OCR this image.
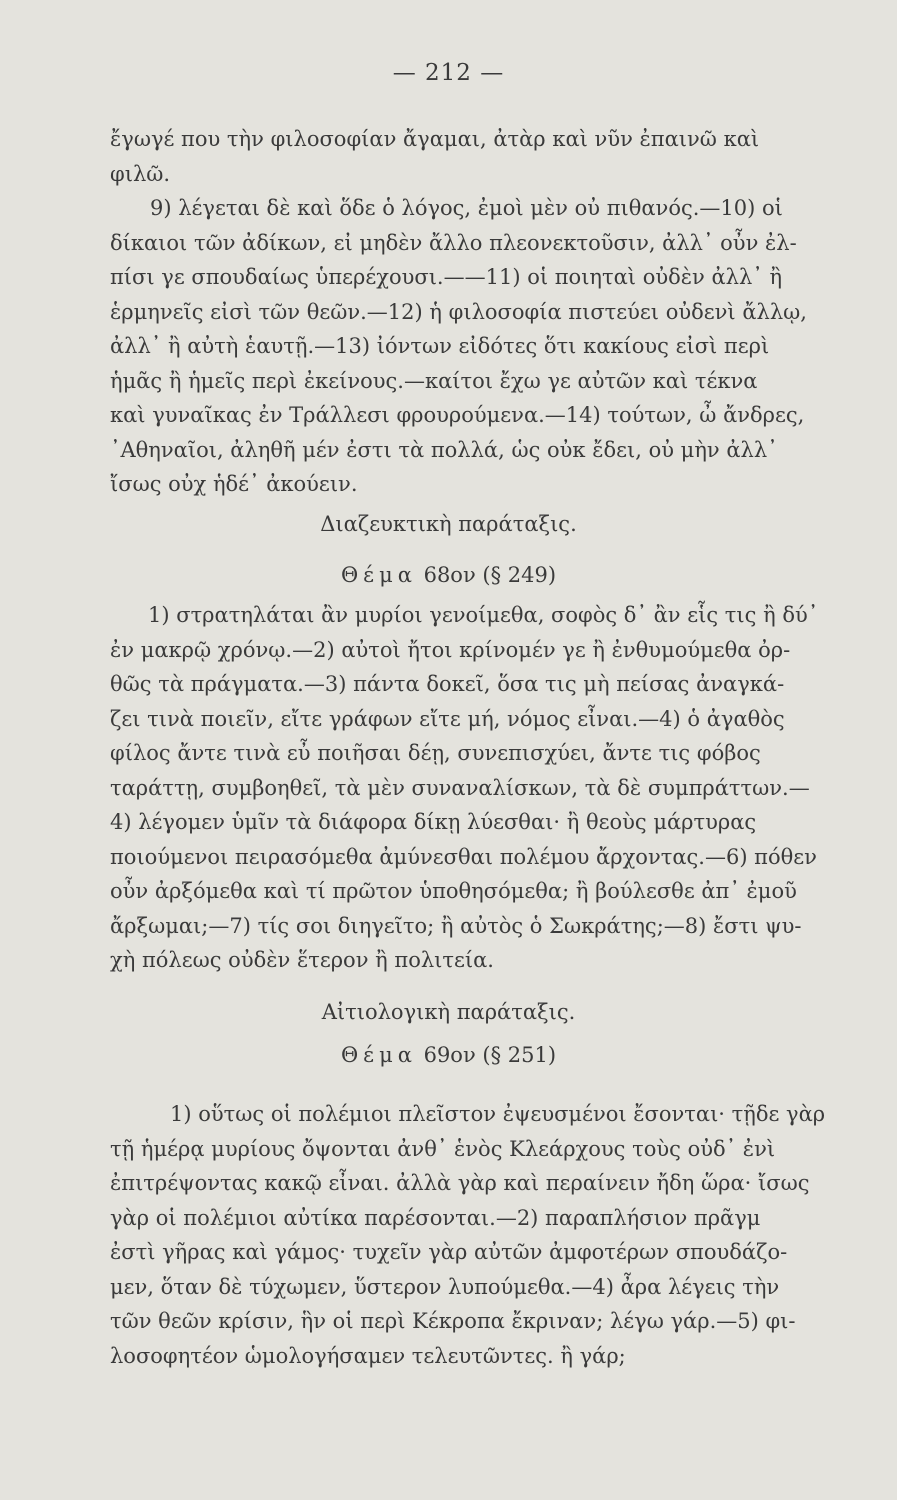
— 212 —
ἔγωγέ που τὴν φιλοσοφίαν ἄγαμαι, ἀτὰρ καὶ νῦν ἐπαινῶ καὶ
φιλῶ.
9) λέγεται δὲ καὶ ὅδε ὁ λόγος, ἐμοὶ μὲν οὐ πιθανός.—10) οἱ
δίκαιοι τῶν ἀδίκων, εἰ μηδὲν ἄλλο πλεονεκτοῦσιν, ἀλλ᾿ οὖν ἐλ-
πίσι γε σπουδαίως ὑπερέχουσι.——11) οἱ ποιηταὶ οὐδὲν ἀλλ᾿ ἢ
ἑρμηνεῖς εἰσὶ τῶν θεῶν.—12) ἡ φιλοσοφία πιστεύει οὐδενὶ ἄλλῳ,
ἀλλ᾿ ἢ αὐτὴ ἑαυτῇ.—13) ἰόντων εἰδότες ὅτι κακίους εἰσὶ περὶ
ἡμᾶς ἢ ἡμεῖς περὶ ἐκείνους.—καίτοι ἔχω γε αὐτῶν καὶ τέκνα
καὶ γυναῖκας ἐν Τράλλεσι φρουρούμενα.—14) τούτων, ὦ ἄνδρες,
᾿Αθηναῖοι, ἀληθῆ μέν ἐστι τὰ πολλά, ὡς οὐκ ἔδει, οὐ μὴν ἀλλ᾿
ἴσως οὐχ ἡδέ᾿ ἀκούειν.
Διαζευκτικὴ παράταξις.
Θέμα 68ον (§ 249)
1) στρατηλάται ἂν μυρίοι γενοίμεθα, σοφὸς δ᾿ ἂν εἷς τις ἢ δύ᾿
ἐν μακρῷ χρόνῳ.—2) αὐτοὶ ἤτοι κρίνομέν γε ἢ ἐνθυμούμεθα ὀρ-
θῶς τὰ πράγματα.—3) πάντα δοκεῖ, ὅσα τις μὴ πείσας ἀναγκά-
ζει τινὰ ποιεῖν, εἴτε γράφων εἴτε μή, νόμος εἶναι.—4) ὁ ἀγαθὸς
φίλος ἄντε τινὰ εὖ ποιῆσαι δέῃ, συνεπισχύει, ἄντε τις φόβος
ταράττῃ, συμβοηθεῖ, τὰ μὲν συναναλίσκων, τὰ δὲ συμπράττων.—
4) λέγομεν ὑμῖν τὰ διάφορα δίκῃ λύεσθαι· ἢ θεοὺς μάρτυρας
ποιούμενοι πειρασόμεθα ἀμύνεσθαι πολέμου ἄρχοντας.—6) πόθεν
οὖν ἀρξόμεθα καὶ τί πρῶτον ὑποθησόμεθα; ἢ βούλεσθε ἀπ᾿ ἐμοῦ
ἄρξωμαι;—7) τίς σοι διηγεῖτο; ἢ αὐτὸς ὁ Σωκράτης;—8) ἔστι ψυ-
χὴ πόλεως οὐδὲν ἕτερον ἢ πολιτεία.
Αἰτιολογικὴ παράταξις.
Θέμα 69ον (§ 251)
1) οὕτως οἱ πολέμιοι πλεῖστον ἐψευσμένοι ἔσονται· τῇδε γὰρ
τῇ ἡμέρᾳ μυρίους ὄψονται ἀνθ᾿ ἑνὸς Κλεάρχους τοὺς οὐδ᾿ ἐνὶ
ἐπιτρέψοντας κακῷ εἶναι. ἀλλὰ γὰρ καὶ περαίνειν ἤδη ὥρα· ἴσως
γὰρ οἱ πολέμιοι αὐτίκα παρέσονται.—2) παραπλήσιον πρᾶγμ
ἐστὶ γῆρας καὶ γάμος· τυχεῖν γὰρ αὐτῶν ἀμφοτέρων σπουδάζο-
μεν, ὅταν δὲ τύχωμεν, ὕστερον λυπούμεθα.—4) ἆρα λέγεις τὴν
τῶν θεῶν κρίσιν, ἣν οἱ περὶ Κέκροπα ἔκριναν; λέγω γάρ.—5) φι-
λοσοφητέον ὡμολογήσαμεν τελευτῶντες. ἢ γάρ;
